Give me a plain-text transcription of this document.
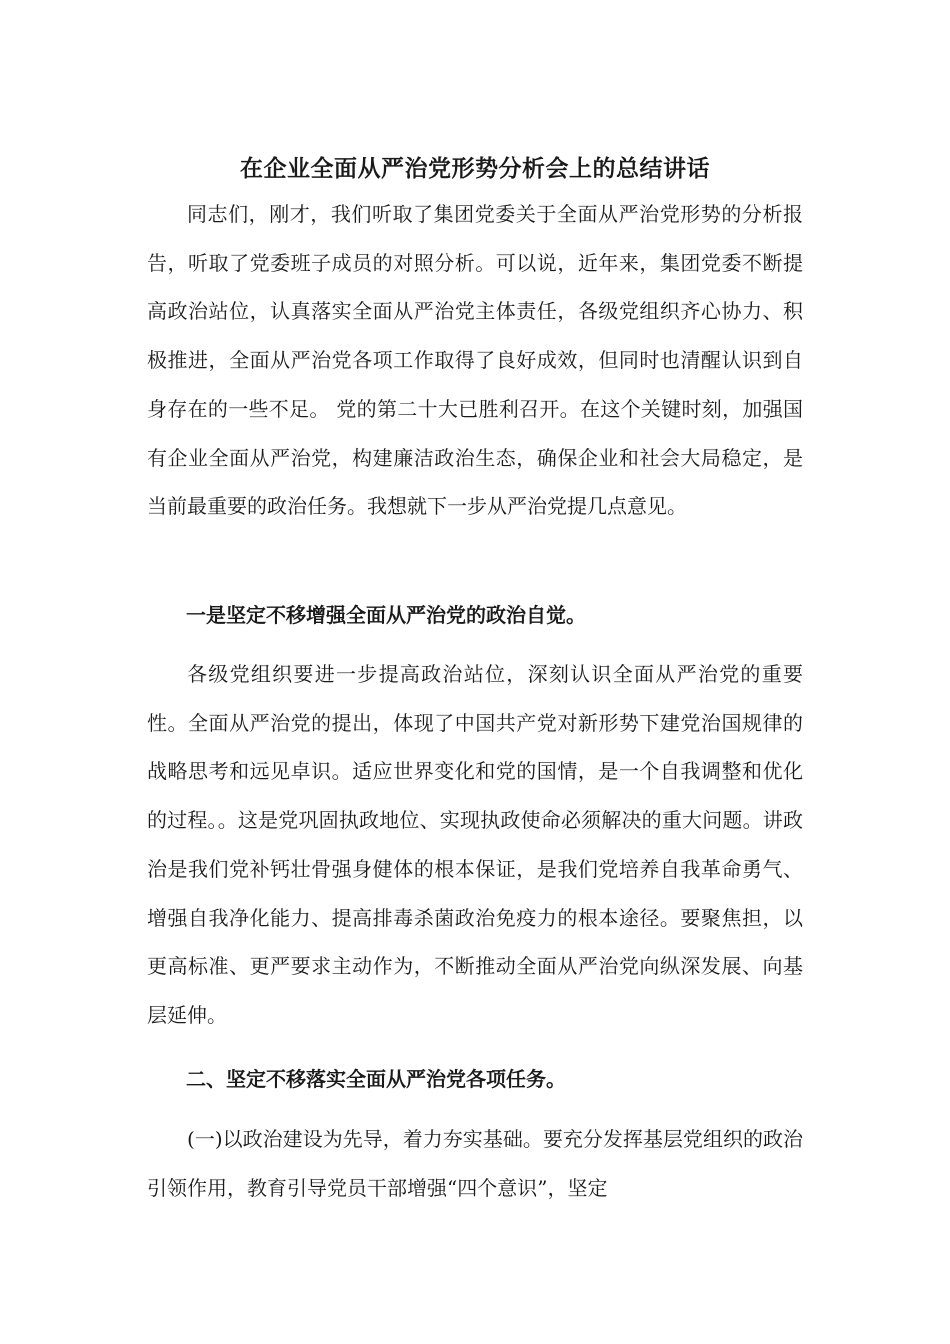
在企业全面从严治党形势分析会上的总结讲话

同志们，刚才，我们听取了集团党委关于全面从严治党形势的分析报告，听取了党委班子成员的对照分析。可以说，近年来，集团党委不断提高政治站位，认真落实全面从严治党主体责任，各级党组织齐心协力、积极推进，全面从严治党各项工作取得了良好成效，但同时也清醒认识到自身存在的一些不足。 党的第二十大已胜利召开。在这个关键时刻，加强国有企业全面从严治党，构建廉洁政治生态，确保企业和社会大局稳定，是当前最重要的政治任务。我想就下一步从严治党提几点意见。

一是坚定不移增强全面从严治党的政治自觉。

各级党组织要进一步提高政治站位，深刻认识全面从严治党的重要性。全面从严治党的提出，体现了中国共产党对新形势下建党治国规律的战略思考和远见卓识。适应世界变化和党的国情，是一个自我调整和优化的过程。。这是党巩固执政地位、实现执政使命必须解决的重大问题。讲政治是我们党补钙壮骨强身健体的根本保证，是我们党培养自我革命勇气、增强自我净化能力、提高排毒杀菌政治免疫力的根本途径。要聚焦担，以更高标准、更严要求主动作为，不断推动全面从严治党向纵深发展、向基层延伸。

二、坚定不移落实全面从严治党各项任务。

(一)以政治建设为先导，着力夯实基础。要充分发挥基层党组织的政治引领作用，教育引导党员干部增强“四个意识”，坚定
